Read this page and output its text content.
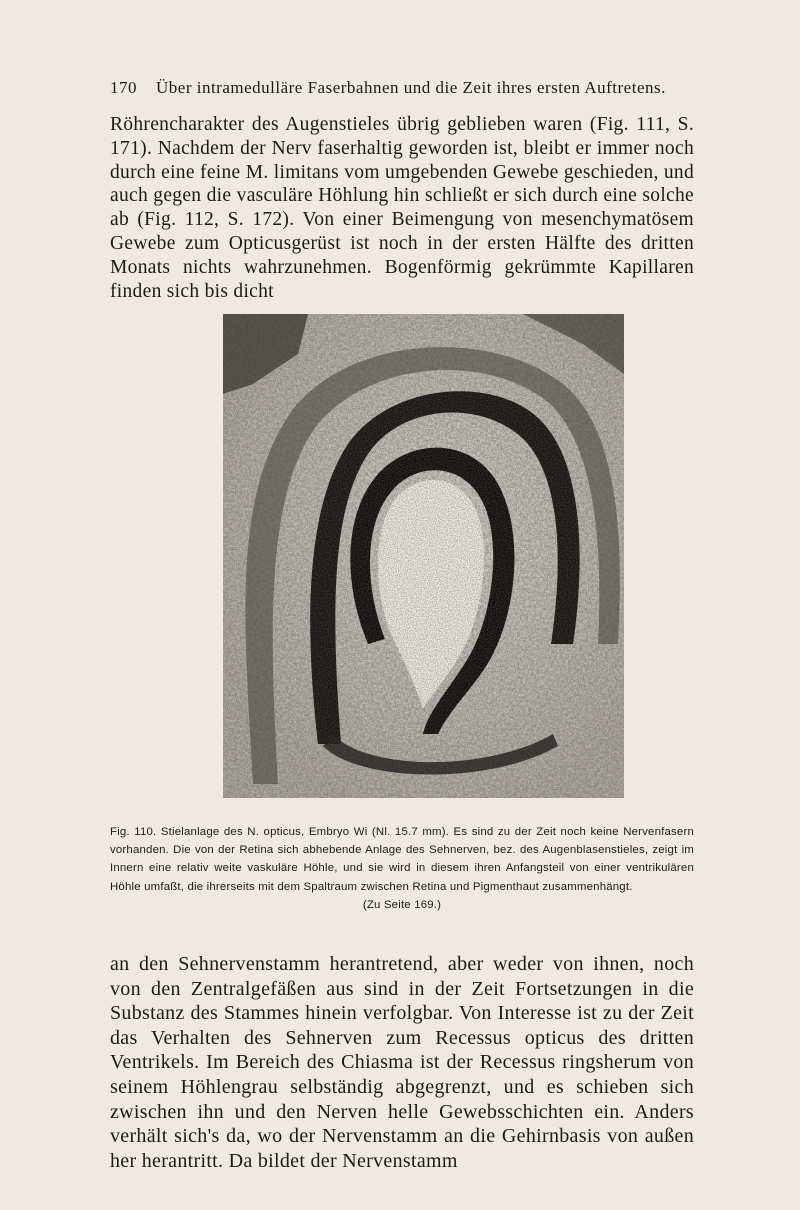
170 Über intramedulläre Faserbahnen und die Zeit ihres ersten Auftretens.

Röhrencharakter des Augenstieles übrig geblieben waren (Fig. 111, S. 171). Nachdem der Nerv faserhaltig geworden ist, bleibt er immer noch durch eine feine M. limitans vom umgebenden Gewebe geschieden, und auch gegen die vasculäre Höhlung hin schließt er sich durch eine solche ab (Fig. 112, S. 172). Von einer Beimengung von mesenchymatösem Gewebe zum Opticusgerüst ist noch in der ersten Hälfte des dritten Monats nichts wahrzunehmen. Bogenförmig gekrümmte Kapillaren finden sich bis dicht

Fig. 110. Stielanlage des N. opticus, Embryo Wi (Nl. 15.7 mm). Es sind zu der Zeit noch keine Nervenfasern vorhanden. Die von der Retina sich abhebende Anlage des Sehnerven, bez. des Augenblasenstieles, zeigt im Innern eine relativ weite vaskuläre Höhle, und sie wird in diesem ihren Anfangsteil von einer ventrikulären Höhle umfaßt, die ihrerseits mit dem Spaltraum zwischen Retina und Pigmenthaut zusammenhängt.
(Zu Seite 169.)

an den Sehnervenstamm herantretend, aber weder von ihnen, noch von den Zentralgefäßen aus sind in der Zeit Fortsetzungen in die Substanz des Stammes hinein verfolgbar. Von Interesse ist zu der Zeit das Verhalten des Sehnerven zum Recessus opticus des dritten Ventrikels. Im Bereich des Chiasma ist der Recessus ringsherum von seinem Höhlengrau selbständig abgegrenzt, und es schieben sich zwischen ihn und den Nerven helle Gewebsschichten ein. Anders verhält sich's da, wo der Nervenstamm an die Gehirnbasis von außen her herantritt. Da bildet der Nervenstamm
